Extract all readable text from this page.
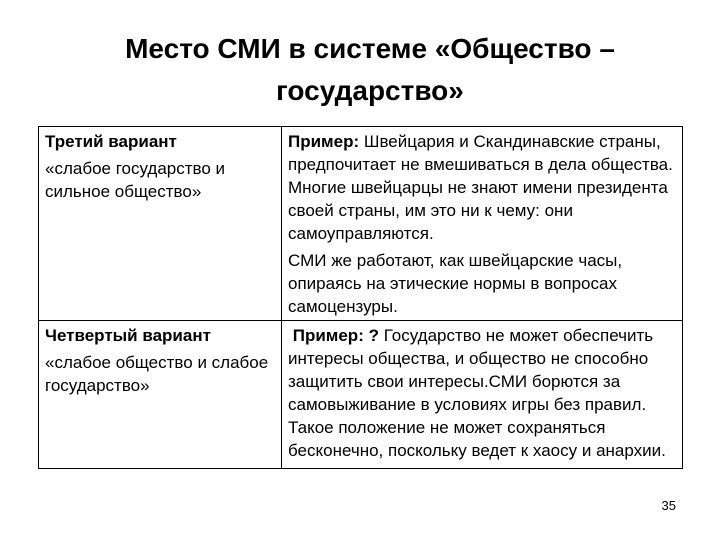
Место СМИ в системе «Общество –
государство»
Третий вариант
«слабое государство и сильное общество»	Пример: Швейцария и Скандинавские страны, предпочитает не вмешиваться в дела общества. Многие швейцарцы не знают имени президента своей страны, им это ни к чему: они самоуправляются.
СМИ же работают, как швейцарские часы, опираясь на этические нормы в вопросах самоцензуры.

Четвертый вариант
«слабое общество и слабое государство»	Пример: ? Государство не может обеспечить интересы общества, и общество не способно защитить свои интересы.СМИ борются за самовыживание в условиях игры без правил. Такое положение не может сохраняться бесконечно, поскольку ведет к хаосу и анархии.
35
